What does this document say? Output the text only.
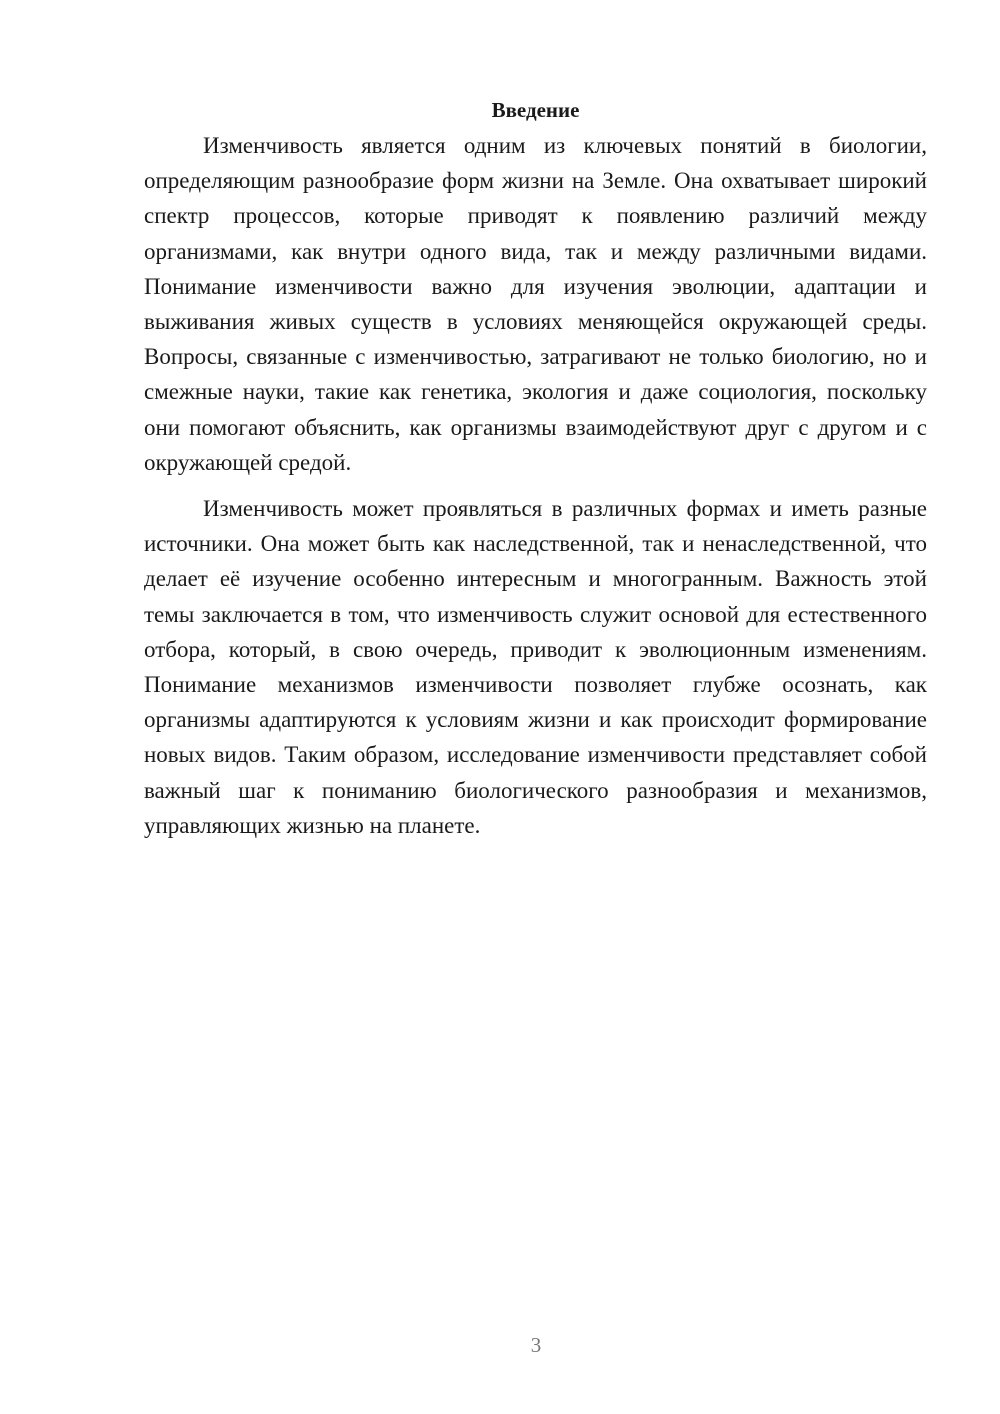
Введение

Изменчивость является одним из ключевых понятий в биологии, определяющим разнообразие форм жизни на Земле. Она охватывает широкий спектр процессов, которые приводят к появлению различий между организмами, как внутри одного вида, так и между различными видами. Понимание изменчивости важно для изучения эволюции, адаптации и выживания живых существ в условиях меняющейся окружающей среды. Вопросы, связанные с изменчивостью, затрагивают не только биологию, но и смежные науки, такие как генетика, экология и даже социология, поскольку они помогают объяснить, как организмы взаимодействуют друг с другом и с окружающей средой.

Изменчивость может проявляться в различных формах и иметь разные источники. Она может быть как наследственной, так и ненаследственной, что делает её изучение особенно интересным и многогранным. Важность этой темы заключается в том, что изменчивость служит основой для естественного отбора, который, в свою очередь, приводит к эволюционным изменениям. Понимание механизмов изменчивости позволяет глубже осознать, как организмы адаптируются к условиям жизни и как происходит формирование новых видов. Таким образом, исследование изменчивости представляет собой важный шаг к пониманию биологического разнообразия и механизмов, управляющих жизнью на планете.

3
